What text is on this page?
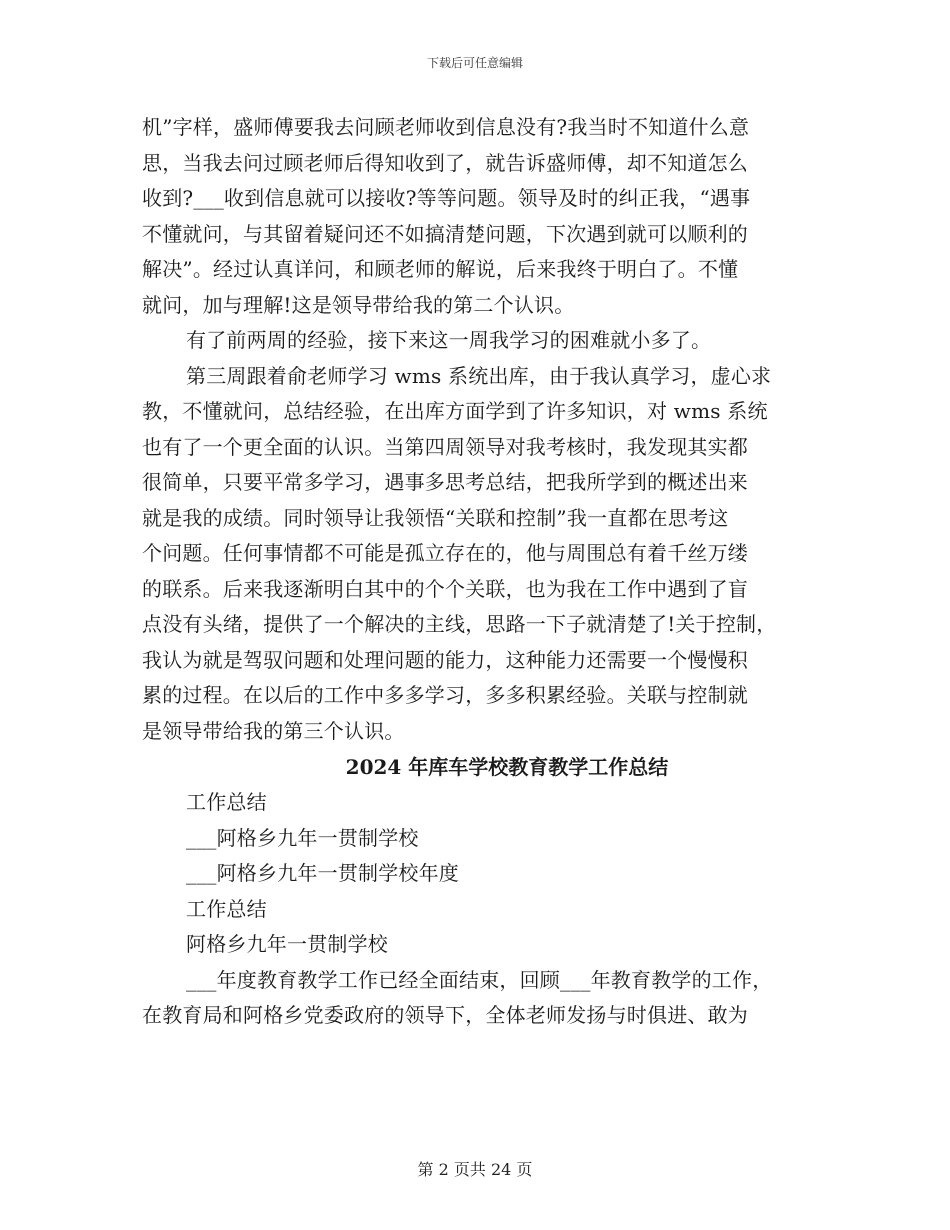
下载后可任意编辑
机”字样，盛师傅要我去问顾老师收到信息没有?我当时不知道什么意
思，当我去问过顾老师后得知收到了，就告诉盛师傅，却不知道怎么
收到?___收到信息就可以接收?等等问题。领导及时的纠正我，“遇事
不懂就问，与其留着疑问还不如搞清楚问题，下次遇到就可以顺利的
解决”。经过认真详问，和顾老师的解说，后来我终于明白了。不懂
就问，加与理解!这是领导带给我的第二个认识。
有了前两周的经验，接下来这一周我学习的困难就小多了。
第三周跟着俞老师学习 wms 系统出库，由于我认真学习，虚心求
教，不懂就问，总结经验，在出库方面学到了许多知识，对 wms 系统
也有了一个更全面的认识。当第四周领导对我考核时，我发现其实都
很简单，只要平常多学习，遇事多思考总结，把我所学到的概述出来
就是我的成绩。同时领导让我领悟“关联和控制”我一直都在思考这
个问题。任何事情都不可能是孤立存在的，他与周围总有着千丝万缕
的联系。后来我逐渐明白其中的个个关联，也为我在工作中遇到了盲
点没有头绪，提供了一个解决的主线，思路一下子就清楚了!关于控制，
我认为就是驾驭问题和处理问题的能力，这种能力还需要一个慢慢积
累的过程。在以后的工作中多多学习，多多积累经验。关联与控制就
是领导带给我的第三个认识。
2024 年库车学校教育教学工作总结
工作总结
___阿格乡九年一贯制学校
___阿格乡九年一贯制学校年度
工作总结
阿格乡九年一贯制学校
___年度教育教学工作已经全面结束，回顾___年教育教学的工作，
在教育局和阿格乡党委政府的领导下，全体老师发扬与时俱进、敢为
第 2 页共 24 页
